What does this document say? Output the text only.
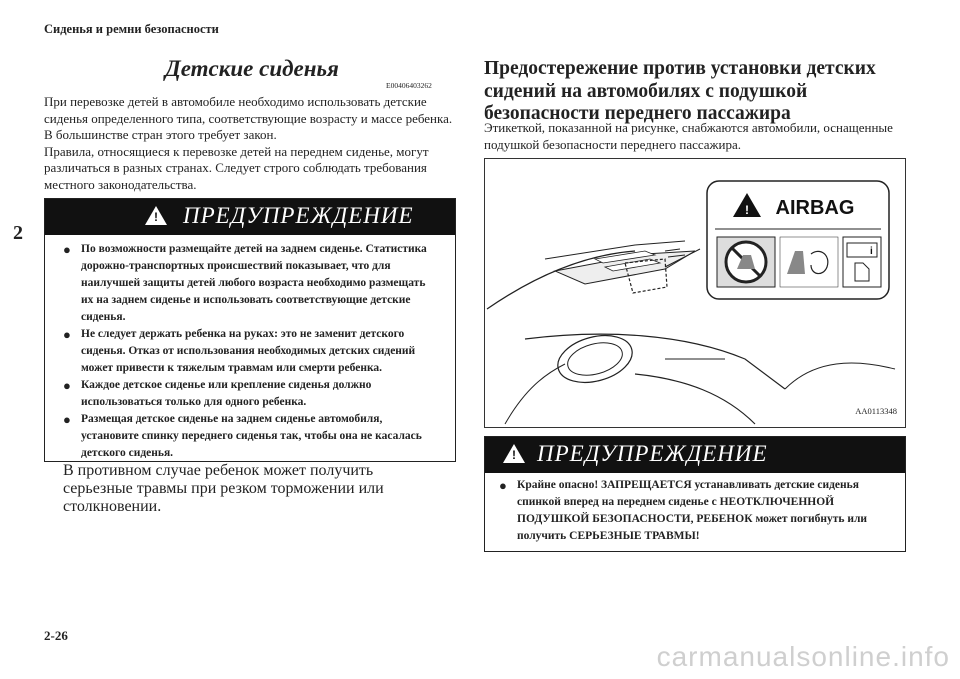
Сиденья и ремни безопасности
2
Детские сиденья
E00406403262

При перевозке детей в автомобиле необходимо использовать детские сиденья определенного типа, соответствующие возрасту и массе ребенка. В большинстве стран этого требует закон.

Правила, относящиеся к перевозке детей на переднем сиденье, могут различаться в разных странах. Следует строго соблюдать требования местного законодательства.

! ПРЕДУПРЕЖДЕНИЕ
● По возможности размещайте детей на заднем сиденье. Статистика дорожно-транспортных происшествий показывает, что для наилучшей защиты детей любого возраста необходимо размещать их на заднем сиденье и использовать соответствующие детские сиденья.
● Не следует держать ребенка на руках: это не заменит детского сиденья. Отказ от использования необходимых детских сидений может привести к тяжелым травмам или смерти ребенка.
● Каждое детское сиденье или крепление сиденья должно использоваться только для одного ребенка.
● Размещая детское сиденье на заднем сиденье автомобиля, установите спинку переднего сиденья так, чтобы она не касалась детского сиденья.
В противном случае ребенок может получить серьезные травмы при резком торможении или столкновении.
Предостережение против установки детских сидений на автомобилях с подушкой безопасности переднего пассажира
Этикеткой, показанной на рисунке, снабжаются автомобили, оснащенные подушкой безопасности переднего пассажира.
! AIRBAG
i
AA0113348
! ПРЕДУПРЕЖДЕНИЕ
● Крайне опасно! ЗАПРЕЩАЕТСЯ устанавливать детские сиденья спинкой вперед на переднем сиденье с НЕОТКЛЮЧЕННОЙ ПОДУШКОЙ БЕЗОПАСНОСТИ, РЕБЕНОК может погибнуть или получить СЕРЬЕЗНЫЕ ТРАВМЫ!
2-26
carmanualsonline.info
